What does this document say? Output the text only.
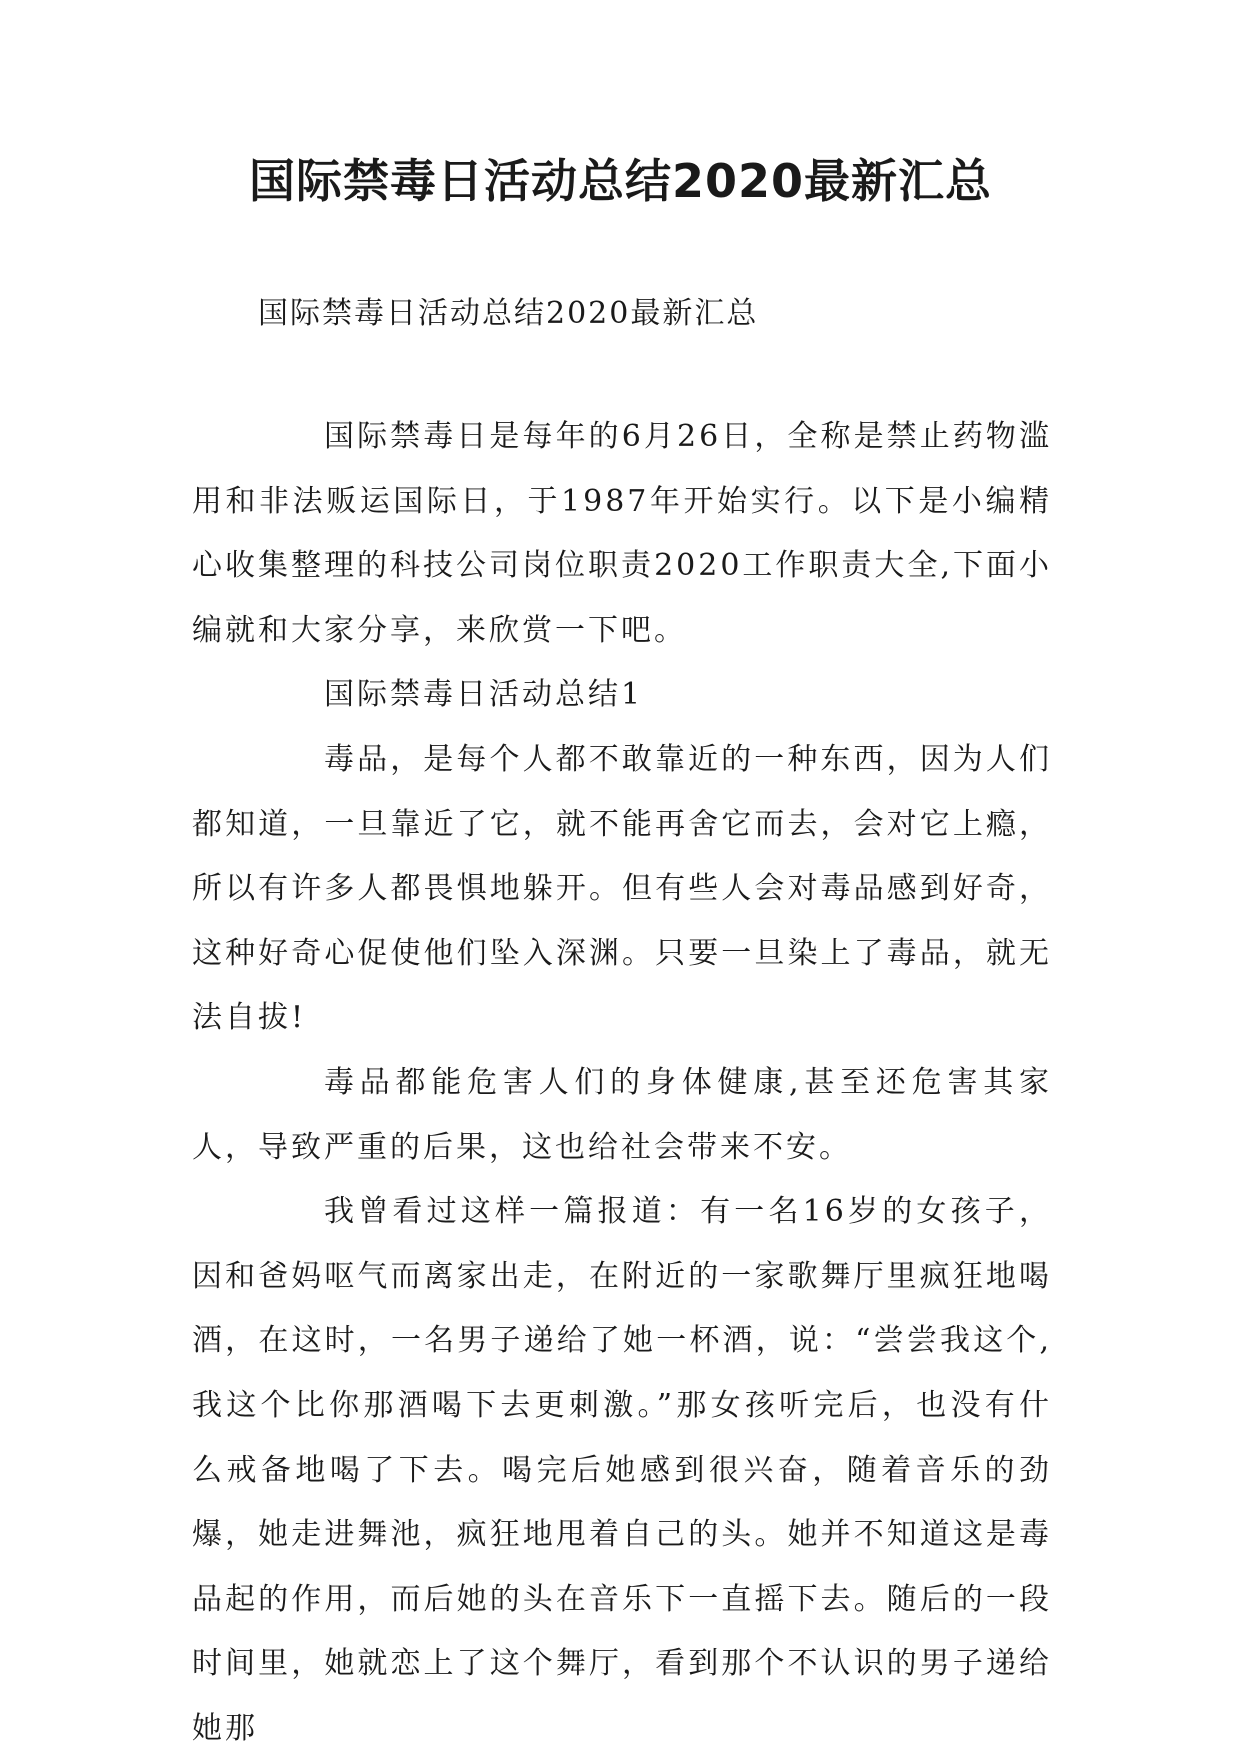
国际禁毒日活动总结2020最新汇总
国际禁毒日活动总结2020最新汇总

国际禁毒日是每年的6月26日，全称是禁止药物滥用和非法贩运国际日，于1987年开始实行。以下是小编精心收集整理的科技公司岗位职责2020工作职责大全,下面小编就和大家分享，来欣赏一下吧。

国际禁毒日活动总结1

毒品，是每个人都不敢靠近的一种东西，因为人们都知道，一旦靠近了它，就不能再舍它而去，会对它上瘾，所以有许多人都畏惧地躲开。但有些人会对毒品感到好奇，这种好奇心促使他们坠入深渊。只要一旦染上了毒品，就无法自拔!

毒品都能危害人们的身体健康,甚至还危害其家人，导致严重的后果，这也给社会带来不安。

我曾看过这样一篇报道：有一名16岁的女孩子，因和爸妈呕气而离家出走，在附近的一家歌舞厅里疯狂地喝酒，在这时，一名男子递给了她一杯酒，说：“尝尝我这个,我这个比你那酒喝下去更刺激。”那女孩听完后，也没有什么戒备地喝了下去。喝完后她感到很兴奋，随着音乐的劲爆，她走进舞池，疯狂地甩着自己的头。她并不知道这是毒品起的作用，而后她的头在音乐下一直摇下去。随后的一段时间里，她就恋上了这个舞厅，看到那个不认识的男子递给她那
